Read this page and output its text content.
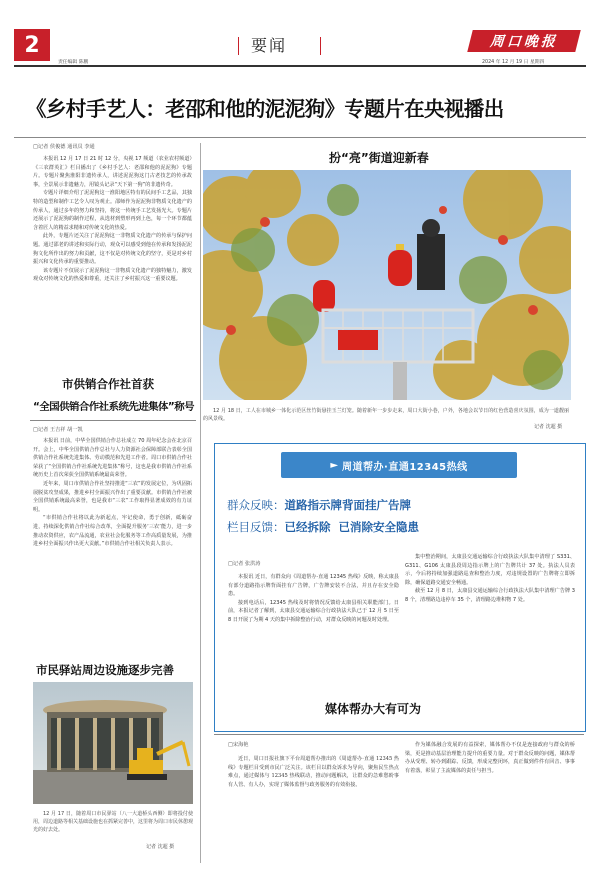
2
责任编辑 陈鹏
要闻	周口晚报
2024 年 12 月 19 日 星期四
《乡村手艺人：老邵和他的泥泥狗》专题片在央视播出
□记者 侯俊德 通讯员 李通

本报讯 12 月 17 日 21 时 12 分，央视 17 频道（农业农村频道）《三农群英汇》栏目播出了《乡村手艺人：老邵和他的泥泥狗》专题片。专题片聚焦淮阳非遗传承人，讲述泥泥狗这门古老技艺的传承故事，全景展示非遗魅力，用镜头记录“天下第一狗”的非遗传奇。

专题片详细介绍了泥泥狗这一淮阳地区特有的民间手工艺品，其独特的造型和制作工艺令人叹为观止。邵师作为泥泥狗非物质文化遗产的传承人，通过多年的努力和坚持，将这一传统手工艺发扬光大。专题片还展示了泥泥狗的制作过程，从选材到塑形再到上色，每一个环节都蕴含着匠人的精益求精和对传统文化的热爱。

此外，专题片还关注了泥泥狗这一非物质文化遗产的传承与保护问题。通过邵老的讲述和实际行动，观众可以感受到他在传承和发扬泥泥狗文化所作出的努力和贡献，这不仅是对传统文化的坚守，更是对乡村振兴和文化传承的重要推动。

该专题片不仅展示了泥泥狗这一非物质文化遗产的独特魅力，激发观众对传统文化的热爱和尊重，还关注了乡村振兴这一重要议题。

市供销合作社首获
“全国供销合作社系统先进集体”称号
□记者 王吉祥 胡一凯

本报讯 日前，中华全国供销合作总社成立 70 周年纪念会在北京召开。会上，中华全国供销合作总社与人力资源社会保障部联合表彰全国供销合作社系统先进集体、劳动模范和先进工作者。周口市供销合作社荣获了“全国供销合作社系统先进集体”称号，这也是我市供销合作社系统历史上首次荣获全国供销系统最高荣誉。

近年来，周口市供销合作社坚持推进“三农”的发展定位，为巩固拓展脱贫攻坚成果，推进乡村全面振兴作出了重要贡献。市供销合作社被全国供销系统最高荣誉，也是我市“三农”工作取得显著成效的有力证明。

“市供销合作社将以此为新起点，牢记使命，勇于创新，砥砺奋进，持续深化供销合作社综合改革，全面提升服务‘三农’能力，进一步推动农资供应，农产品流通，农业社会化服务等工作高质量发展，为推进乡村全面振兴作出更大贡献。”市供销合作社相关负责人表示。

市民驿站周边设施逐步完善

12 月 17 日，随着周口市民驿站（八一大道桥头西侧）即将投付使用，周边道路等相关基础设施也在抓紧完善中，这里将为周口市民休憩观光的好去处。

记者 沈超 摄
扮“亮”街道迎新春

12 月 18 日，工人在市城乡一体化示范区丝竹街悬挂玉兰灯笼。随着新年一步步走来，周口大街小巷，户外，各地会以节日的红色营造喜庆氛围，成为一道靓丽的风景线。

记者 沈超 摄
► 周道帮办·直通12345热线
群众反映：道路指示牌背面挂广告牌
栏目反馈：已经拆除  已消除安全隐患
□记者 张洪涛

本报讯 近日，有群众向《周道帮办·直通 12345 热线》反映，称太康县有部分道路指示牌背面挂有广告牌，广告牌安装不合法，并且存在安全隐患。

接到电话后，12345 热线及时将情况反馈给太康县相关职能部门。日前，本报记者了解到，太康县交通运输综合行政执法大队已于 12 月 5 日至 8 日开展了为期 4 天的集中拆除整治行动，对群众反映的问题及时处理。

集中整治期间，太康县交通运输综合行政执法大队集中清理了 S331、G311、G106 太康县段周边指示牌上的广告牌共计 37 处。执法人员表示，今后将持续加强道路巡查和整治力度，对违规设置的广告牌将立即拆除，确保道路交通安全畅通。

截至 12 月 8 日，太康县交通运输综合行政执法大队集中清理广告牌 38 个，清理路边违停车 35 个，清理路边堆积物 7 处。

媒体帮办大有可为
□宋海艳

近日，周口日报社旗下平台周道帮办推出的《周道帮办·直通 12345 热线》专题栏目受到市民广泛关注。该栏目以群众诉求为导向，聚焦民生热点难点，通过媒体与 12345 热线联动，推动问题解决，让群众的急难愁盼事有人管、有人办，实现了媒体监督与政务服务的有效衔接。

作为媒体融合发展的有益探索，媒体帮办不仅是连接政府与群众的桥梁，更是推动基层治理能力提升的重要力量。对于群众反映的问题，媒体帮办从受理、转办到跟踪、反馈，形成完整闭环，真正做到件件有回音、事事有着落，彰显了主流媒体的责任与担当。
